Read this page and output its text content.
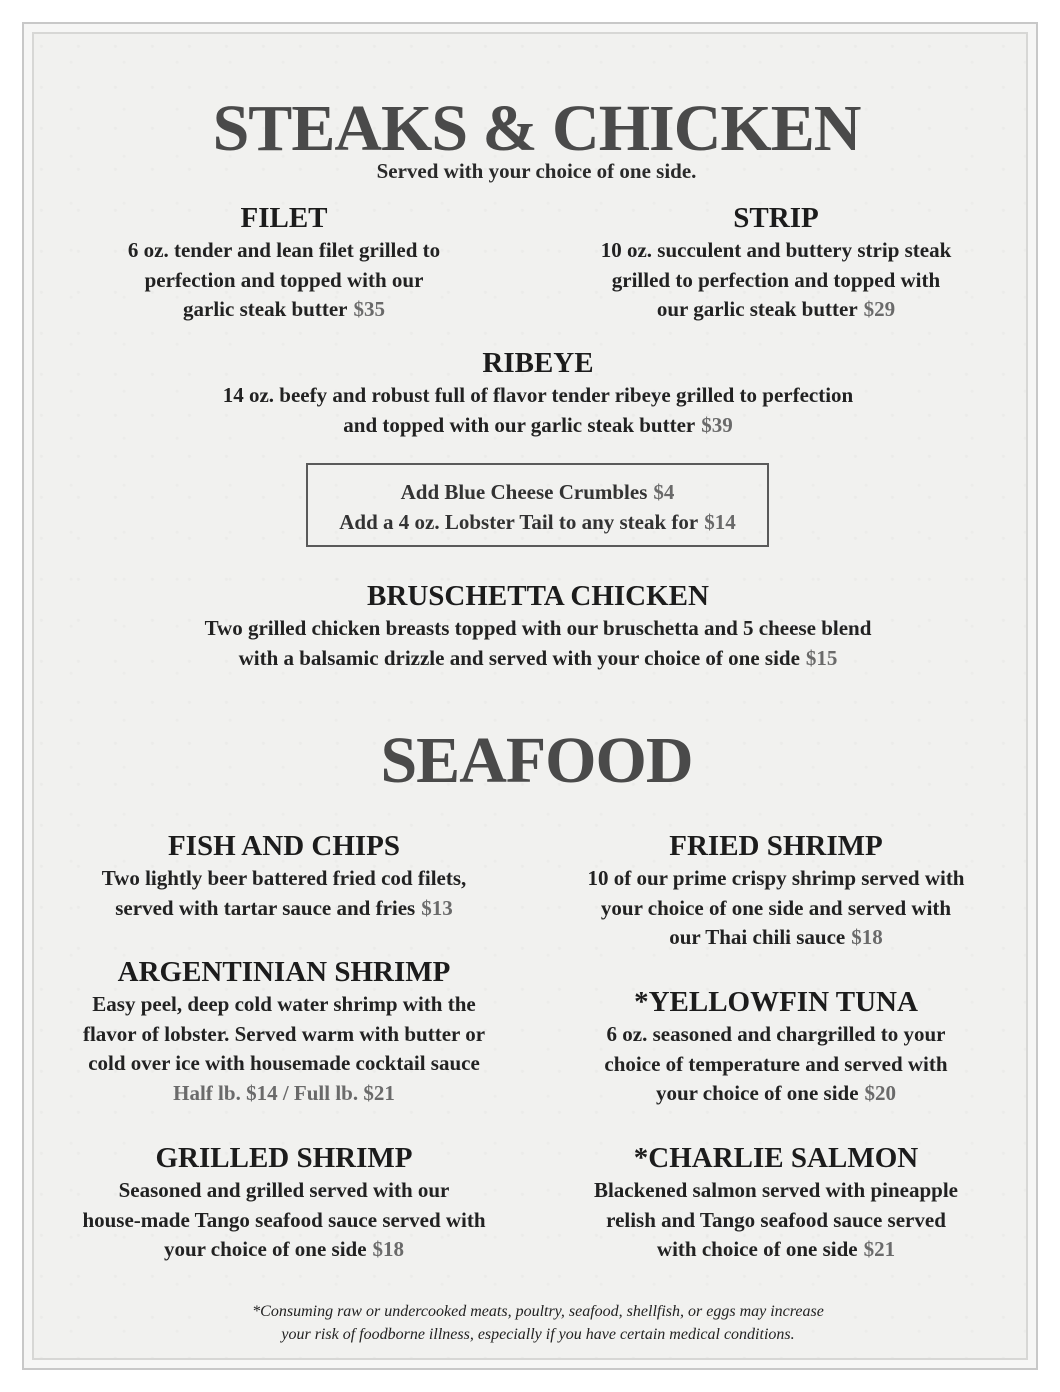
STEAKS & CHICKEN
Served with your choice of one side.
FILET
6 oz. tender and lean filet grilled to
perfection and topped with our
garlic steak butter $35
STRIP
10 oz. succulent and buttery strip steak
grilled to perfection and topped with
our garlic steak butter $29
RIBEYE
14 oz. beefy and robust full of flavor tender ribeye grilled to perfection
and topped with our garlic steak butter $39
Add Blue Cheese Crumbles $4
Add a 4 oz. Lobster Tail to any steak for $14
BRUSCHETTA CHICKEN
Two grilled chicken breasts topped with our bruschetta and 5 cheese blend
with a balsamic drizzle and served with your choice of one side $15
SEAFOOD
FISH AND CHIPS
Two lightly beer battered fried cod filets,
served with tartar sauce and fries $13
FRIED SHRIMP
10 of our prime crispy shrimp served with
your choice of one side and served with
our Thai chili sauce $18
ARGENTINIAN SHRIMP
Easy peel, deep cold water shrimp with the
flavor of lobster. Served warm with butter or
cold over ice with housemade cocktail sauce
Half lb. $14 / Full lb. $21
*YELLOWFIN TUNA
6 oz. seasoned and chargrilled to your
choice of temperature and served with
your choice of one side $20
GRILLED SHRIMP
Seasoned and grilled served with our
house-made Tango seafood sauce served with
your choice of one side $18
*CHARLIE SALMON
Blackened salmon served with pineapple
relish and Tango seafood sauce served
with choice of one side $21
*Consuming raw or undercooked meats, poultry, seafood, shellfish, or eggs may increase
your risk of foodborne illness, especially if you have certain medical conditions.
